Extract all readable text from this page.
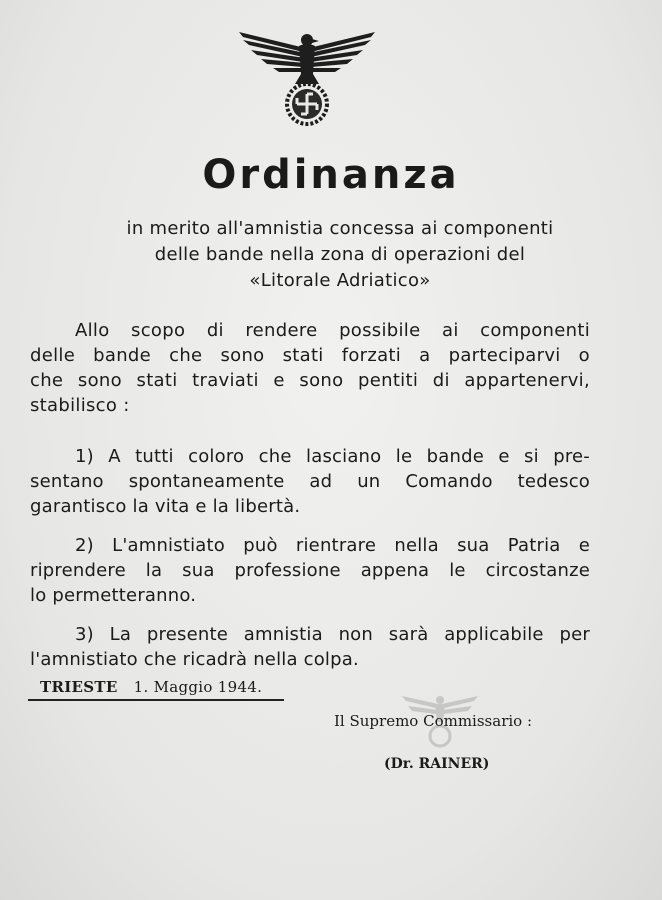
Ordinanza
in merito all'amnistia concessa ai componenti
delle bande nella zona di operazioni del
«Litorale Adriatico»
Allo scopo di rendere possibile ai componenti
delle bande che sono stati forzati a parteciparvi o
che sono stati traviati e sono pentiti di appartenervi,
stabilisco :
1) A tutti coloro che lasciano le bande e si pre-
sentano spontaneamente ad un Comando tedesco
garantisco la vita e la libertà.
2) L'amnistiato può rientrare nella sua Patria e
riprendere la sua professione appena le circostanze
lo permetteranno.
3) La presente amnistia non sarà applicabile per
l'amnistiato che ricadrà nella colpa.
TRIESTE 1. Maggio 1944.
Il Supremo Commissario :
(Dr. RAINER)
